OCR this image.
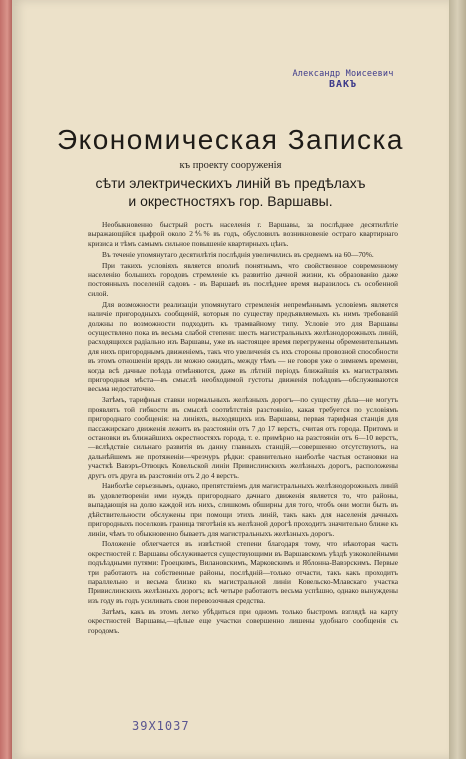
Александр Моисеевич
ВАКЪ
Экономическая Записка
къ проекту сооруженія
сѣти электрическихъ линій въ предѣлахъ
и окрестностяхъ гор. Варшавы.

Необыкновенно быстрый ростъ населенія г. Варшавы, за послѣднее десятилѣтіе выражающійся цыфрой около 2⅘% въ годъ, обусловилъ возникновеніе остраго квартирнаго кризиса и тѣмъ самымъ сильное повышеніе квартирныхъ цѣнъ.

Въ теченіе упомянутаго десятилѣтія послѣднія увеличились въ среднемъ на 60—70%.

При такихъ условіяхъ является вполнѣ понятнымъ, что свойственное современному населенію большихъ городовъ стремленіе къ развитію дачной жизни, къ образованію даже постоянныхъ поселеній садовъ - въ Варшавѣ въ послѣднее время выразилось съ особенной силой.

Для возможности реализаціи упомянутаго стремленія непремѣннымъ условіемъ является наличіе пригородныхъ сообщеній, которыя по существу предъявляемыхъ къ нимъ требованій должны по возможности подходить къ трамвайному типу. Условіе это для Варшавы осуществлено пока въ весьма слабой степени: шесть магистральныхъ желѣзнодорожныхъ линій, расходящихся радіально изъ Варшавы, уже въ настоящее время перегружены обременительнымъ для нихъ пригороднымъ движеніемъ, такъ что увеличенія съ ихъ стороны провозной способности въ этомъ отношеніи врядъ ли можно ожидать, между тѣмъ — не говоря уже о зимнемъ времени, когда всѣ дачные поѣзда отмѣняются, даже въ лѣтній періодъ ближайшія къ магистралямъ пригородныя мѣста—въ смыслѣ необходимой густоты движенія поѣздовъ—обслуживаются весьма недостаточно.

Затѣмъ, тарифныя ставки нормальныхъ желѣзныхъ дорогъ—по существу дѣла—не могутъ проявлять той гибкости въ смыслѣ соотвѣтствія разстоянію, какая требуется по условіямъ пригороднаго сообщенія: на линіяхъ, выходящихъ изъ Варшавы, первая тарифная станція для пассажирскаго движенія лежитъ въ разстояніи отъ 7 до 17 верстъ, считая отъ города. Притомъ и остановки въ ближайшихъ окрестностяхъ города, т. е. примѣрно на разстояніи отъ 6—10 верстъ, —вслѣдствіе сильнаго развитія въ данну главныхъ станцій,—совершенно отсутствуютъ, на дальнѣйшемъ же протяженіи—чрезчуръ рѣдки: сравнительно наиболѣе частыя остановки на участкѣ Вавэръ-Отвоцкъ Ковельской линіи Привислинскихъ желѣзныхъ дорогъ, расположены другъ отъ друга въ разстояніи отъ 2 до 4 верстъ.

Наиболѣе серьезнымъ, однако, препятствіемъ для магистральныхъ желѣзнодорожныхъ линій въ удовлетвореніи ими нуждъ пригороднаго дачнаго движенія является то, что районы, выпадающія на долю каждой изъ нихъ, слишкомъ обширны для того, чтобъ они могли быть въ дѣйствительности обслужены при помощи этихъ линій, такъ какъ для населенія дачныхъ пригородныхъ поселковъ граница тяготѣнія къ желѣзной дорогѣ проходитъ значительно ближе къ линіи, чѣмъ то обыкновенно бываетъ для магистральныхъ желѣзныхъ дорогъ.

Положеніе облегчается въ извѣстной степени благодаря тому, что нѣкоторая часть окрестностей г. Варшавы обслуживается существующими въ Варшавскомъ уѣздѣ узкоколейными подъѣздными путями: Гроецкимъ, Вилановскимъ, Марковскимъ и Яблонна-Вавэрскимъ. Первые три работаютъ на собственные районы, послѣдній—только отчасти, такъ какъ проходитъ параллельно и весьма близко къ магистральной линіи Ковельско-Млавскаго участка Привислинскихъ желѣзныхъ дорогъ; всѣ четыре работаютъ весьма успѣшно, однако вынуждены изъ году въ годъ усиливать свои перевозочныя средства.

Затѣмъ, какъ въ этомъ легко убѣдиться при одномъ только быстромъ взглядѣ на карту окрестностей Варшавы,—цѣлые еще участки совершенно лишены удобнаго сообщенія съ городомъ.

39X1037
